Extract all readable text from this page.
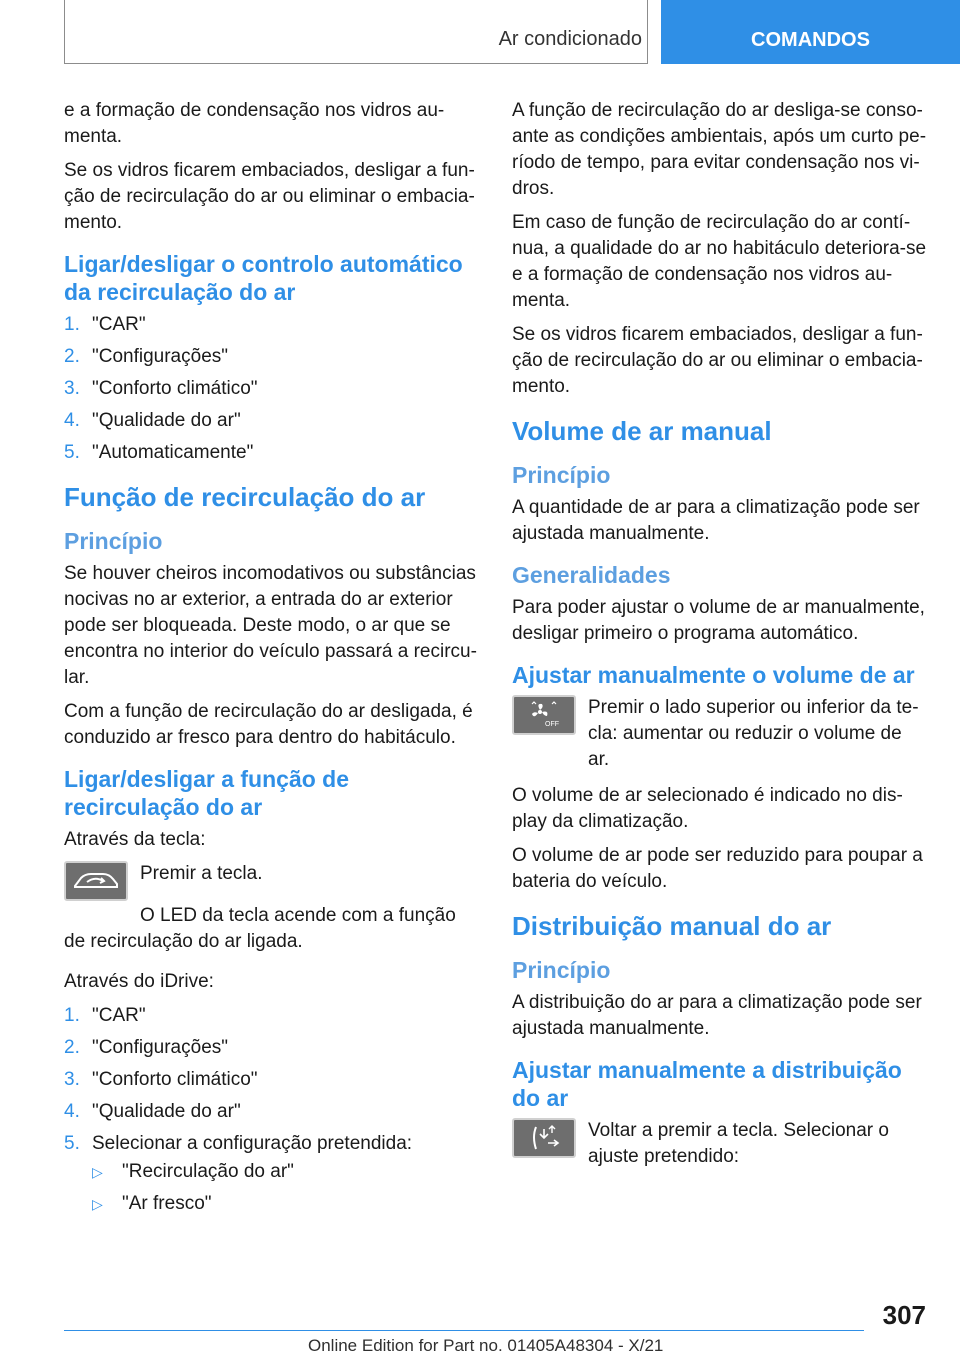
Ar condicionado	COMANDOS

e a formação de condensação nos vidros aumenta.

Se os vidros ficarem embaciados, desligar a função de recirculação do ar ou eliminar o embaciamento.

Ligar/desligar o controlo automático da recirculação do ar
1. "CAR"
2. "Configurações"
3. "Conforto climático"
4. "Qualidade do ar"
5. "Automaticamente"
Função de recirculação do ar
Princípio

Se houver cheiros incomodativos ou substâncias nocivas no ar exterior, a entrada do ar exterior pode ser bloqueada. Deste modo, o ar que se encontra no interior do veículo passará a recircular.

Com a função de recirculação do ar desligada, é conduzido ar fresco para dentro do habitáculo.

Ligar/desligar a função de recirculação do ar

Através da tecla:

Premir a tecla.

O LED da tecla acende com a função de recirculação do ar ligada.

Através do iDrive:

1. "CAR"
2. "Configurações"
3. "Conforto climático"
4. "Qualidade do ar"
5. Selecionar a configuração pretendida:
▷	"Recirculação do ar"
▷	"Ar fresco"

A função de recirculação do ar desliga-se consoante as condições ambientais, após um curto período de tempo, para evitar condensação nos vidros.

Em caso de função de recirculação do ar contínua, a qualidade do ar no habitáculo deteriora-se e a formação de condensação nos vidros aumenta.

Se os vidros ficarem embaciados, desligar a função de recirculação do ar ou eliminar o embaciamento.

Volume de ar manual
Princípio

A quantidade de ar para a climatização pode ser ajustada manualmente.

Generalidades

Para poder ajustar o volume de ar manualmente, desligar primeiro o programa automático.

Ajustar manualmente o volume de ar
OFF

Premir o lado superior ou inferior da tecla: aumentar ou reduzir o volume de ar.

O volume de ar selecionado é indicado no display da climatização.

O volume de ar pode ser reduzido para poupar a bateria do veículo.

Distribuição manual do ar
Princípio

A distribuição do ar para a climatização pode ser ajustada manualmente.

Ajustar manualmente a distribuição do ar

Voltar a premir a tecla. Selecionar o ajuste pretendido:

307
Online Edition for Part no. 01405A48304 - X/21
